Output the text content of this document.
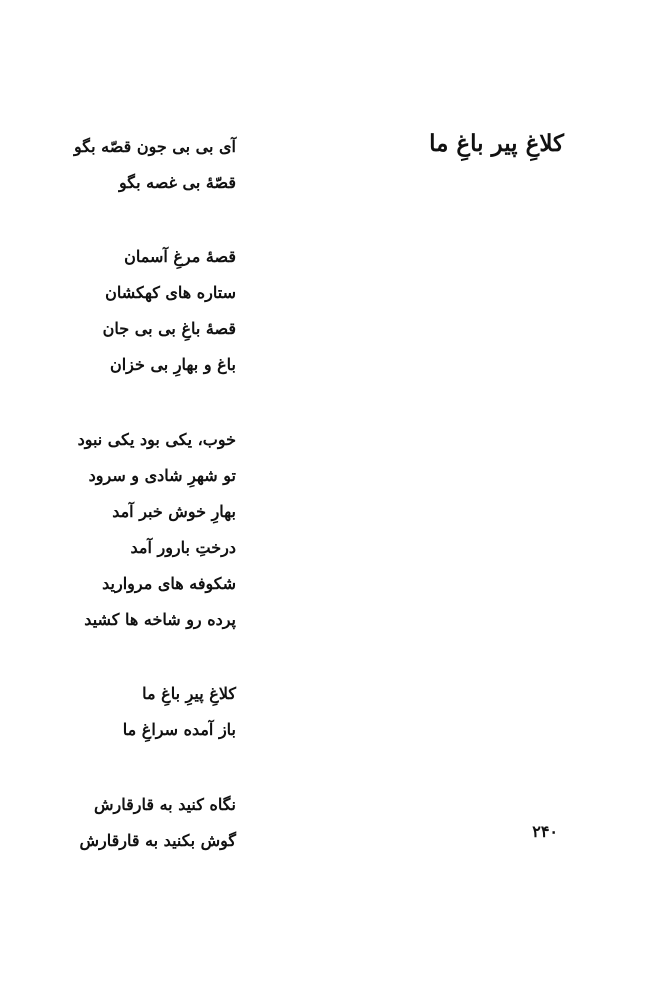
کلاغِ پیر باغِ ما
آی بی بی جون قصّه بگو
قصّهٔ بی غصه بگو
قصهٔ مرغِ آسمان
ستاره های کهکشان
قصهٔ باغِ بی بی جان
باغ و بهارِ بی خزان
خوب، یکی بود یکی نبود
تو شهرِ شادی و سرود
بهارِ خوش خبر آمد
درختِ بارور آمد
شکوفه های مروارید
پرده رو شاخه ها کشید
کلاغِ پیرِ باغِ ما
باز آمده سراغِ ما
نگاه کنید به قارقارش
گوش بکنید به قارقارش	۲۴۰
